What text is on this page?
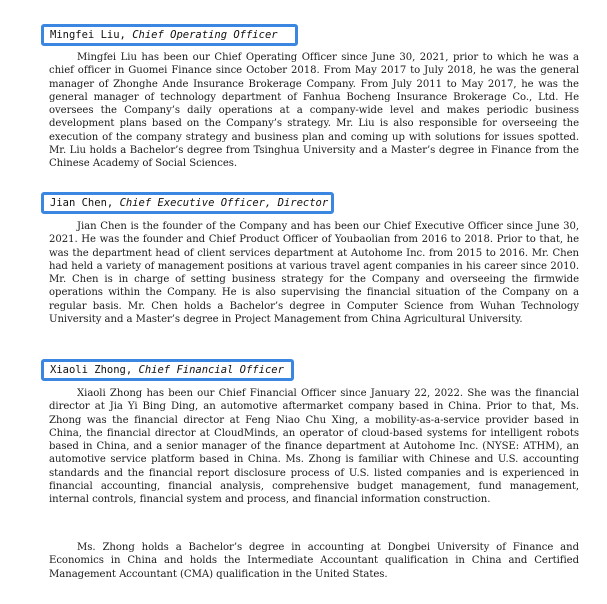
Mingfei Liu , Chief Operating Officer

Mingfei Liu has been our Chief Operating Officer since June 30, 2021, prior to which he was a chief officer in Guomei Finance since October 2018. From May 2017 to July 2018, he was the general manager of Zhonghe Ande Insurance Brokerage Company. From July 2011 to May 2017, he was the general manager of technology department of Fanhua Bocheng Insurance Brokerage Co., Ltd. He oversees the Company’s daily operations at a company-wide level and makes periodic business development plans based on the Company’s strategy. Mr. Liu is also responsible for overseeing the execution of the company strategy and business plan and coming up with solutions for issues spotted. Mr. Liu holds a Bachelor’s degree from Tsinghua University and a Master’s degree in Finance from the Chinese Academy of Social Sciences.

Jian Chen , Chief Executive Officer, Director

Jian Chen is the founder of the Company and has been our Chief Executive Officer since June 30, 2021. He was the founder and Chief Product Officer of Youbaolian from 2016 to 2018. Prior to that, he was the department head of client services department at Autohome Inc. from 2015 to 2016. Mr. Chen had held a variety of management positions at various travel agent companies in his career since 2010. Mr. Chen is in charge of setting business strategy for the Company and overseeing the firmwide operations within the Company. He is also supervising the financial situation of the Company on a regular basis. Mr. Chen holds a Bachelor’s degree in Computer Science from Wuhan Technology University and a Master’s degree in Project Management from China Agricultural University.

Xiaoli Zhong , Chief Financial Officer

Xiaoli Zhong has been our Chief Financial Officer since January 22, 2022. She was the financial director at Jia Yi Bing Ding, an automotive aftermarket company based in China. Prior to that, Ms. Zhong was the financial director at Feng Niao Chu Xing, a mobility-as-a-service provider based in China, the financial director at CloudMinds, an operator of cloud-based systems for intelligent robots based in China, and a senior manager of the finance department at Autohome Inc. (NYSE: ATHM), an automotive service platform based in China. Ms. Zhong is familiar with Chinese and U.S. accounting standards and the financial report disclosure process of U.S. listed companies and is experienced in financial accounting, financial analysis, comprehensive budget management, fund management, internal controls, financial system and process, and financial information construction.

Ms. Zhong holds a Bachelor’s degree in accounting at Dongbei University of Finance and Economics in China and holds the Intermediate Accountant qualification in China and Certified Management Accountant (CMA) qualification in the United States.
